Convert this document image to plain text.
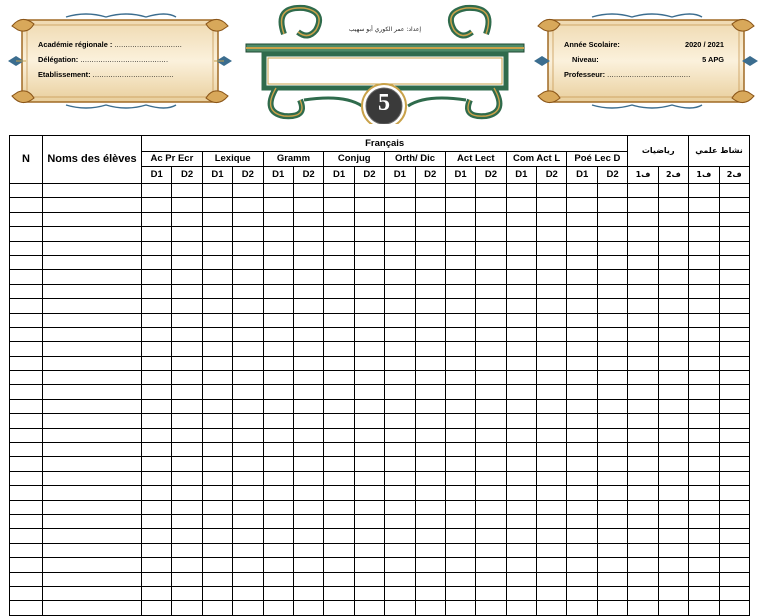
Académie régionale : ..............................
Délégation: .......................................
Etablissement: ....................................
إعداد: عمر الكوري أبو سهيب
5
Année Scolaire:	2020 / 2021
Niveau:	5 APG
Professeur: .....................................
N	Noms des élèves	Français																رياضيات		نشاط علمي	
		Ac Pr Ecr		Lexique		Gramm		Conjug		Orth/ Dic		Act Lect		Com Act L		Poé Lec D					
		D1	D2	D1	D2	D1	D2	D1	D2	D1	D2	D1	D2	D1	D2	D1	D2	ف1	ف2	ف1	ف2
